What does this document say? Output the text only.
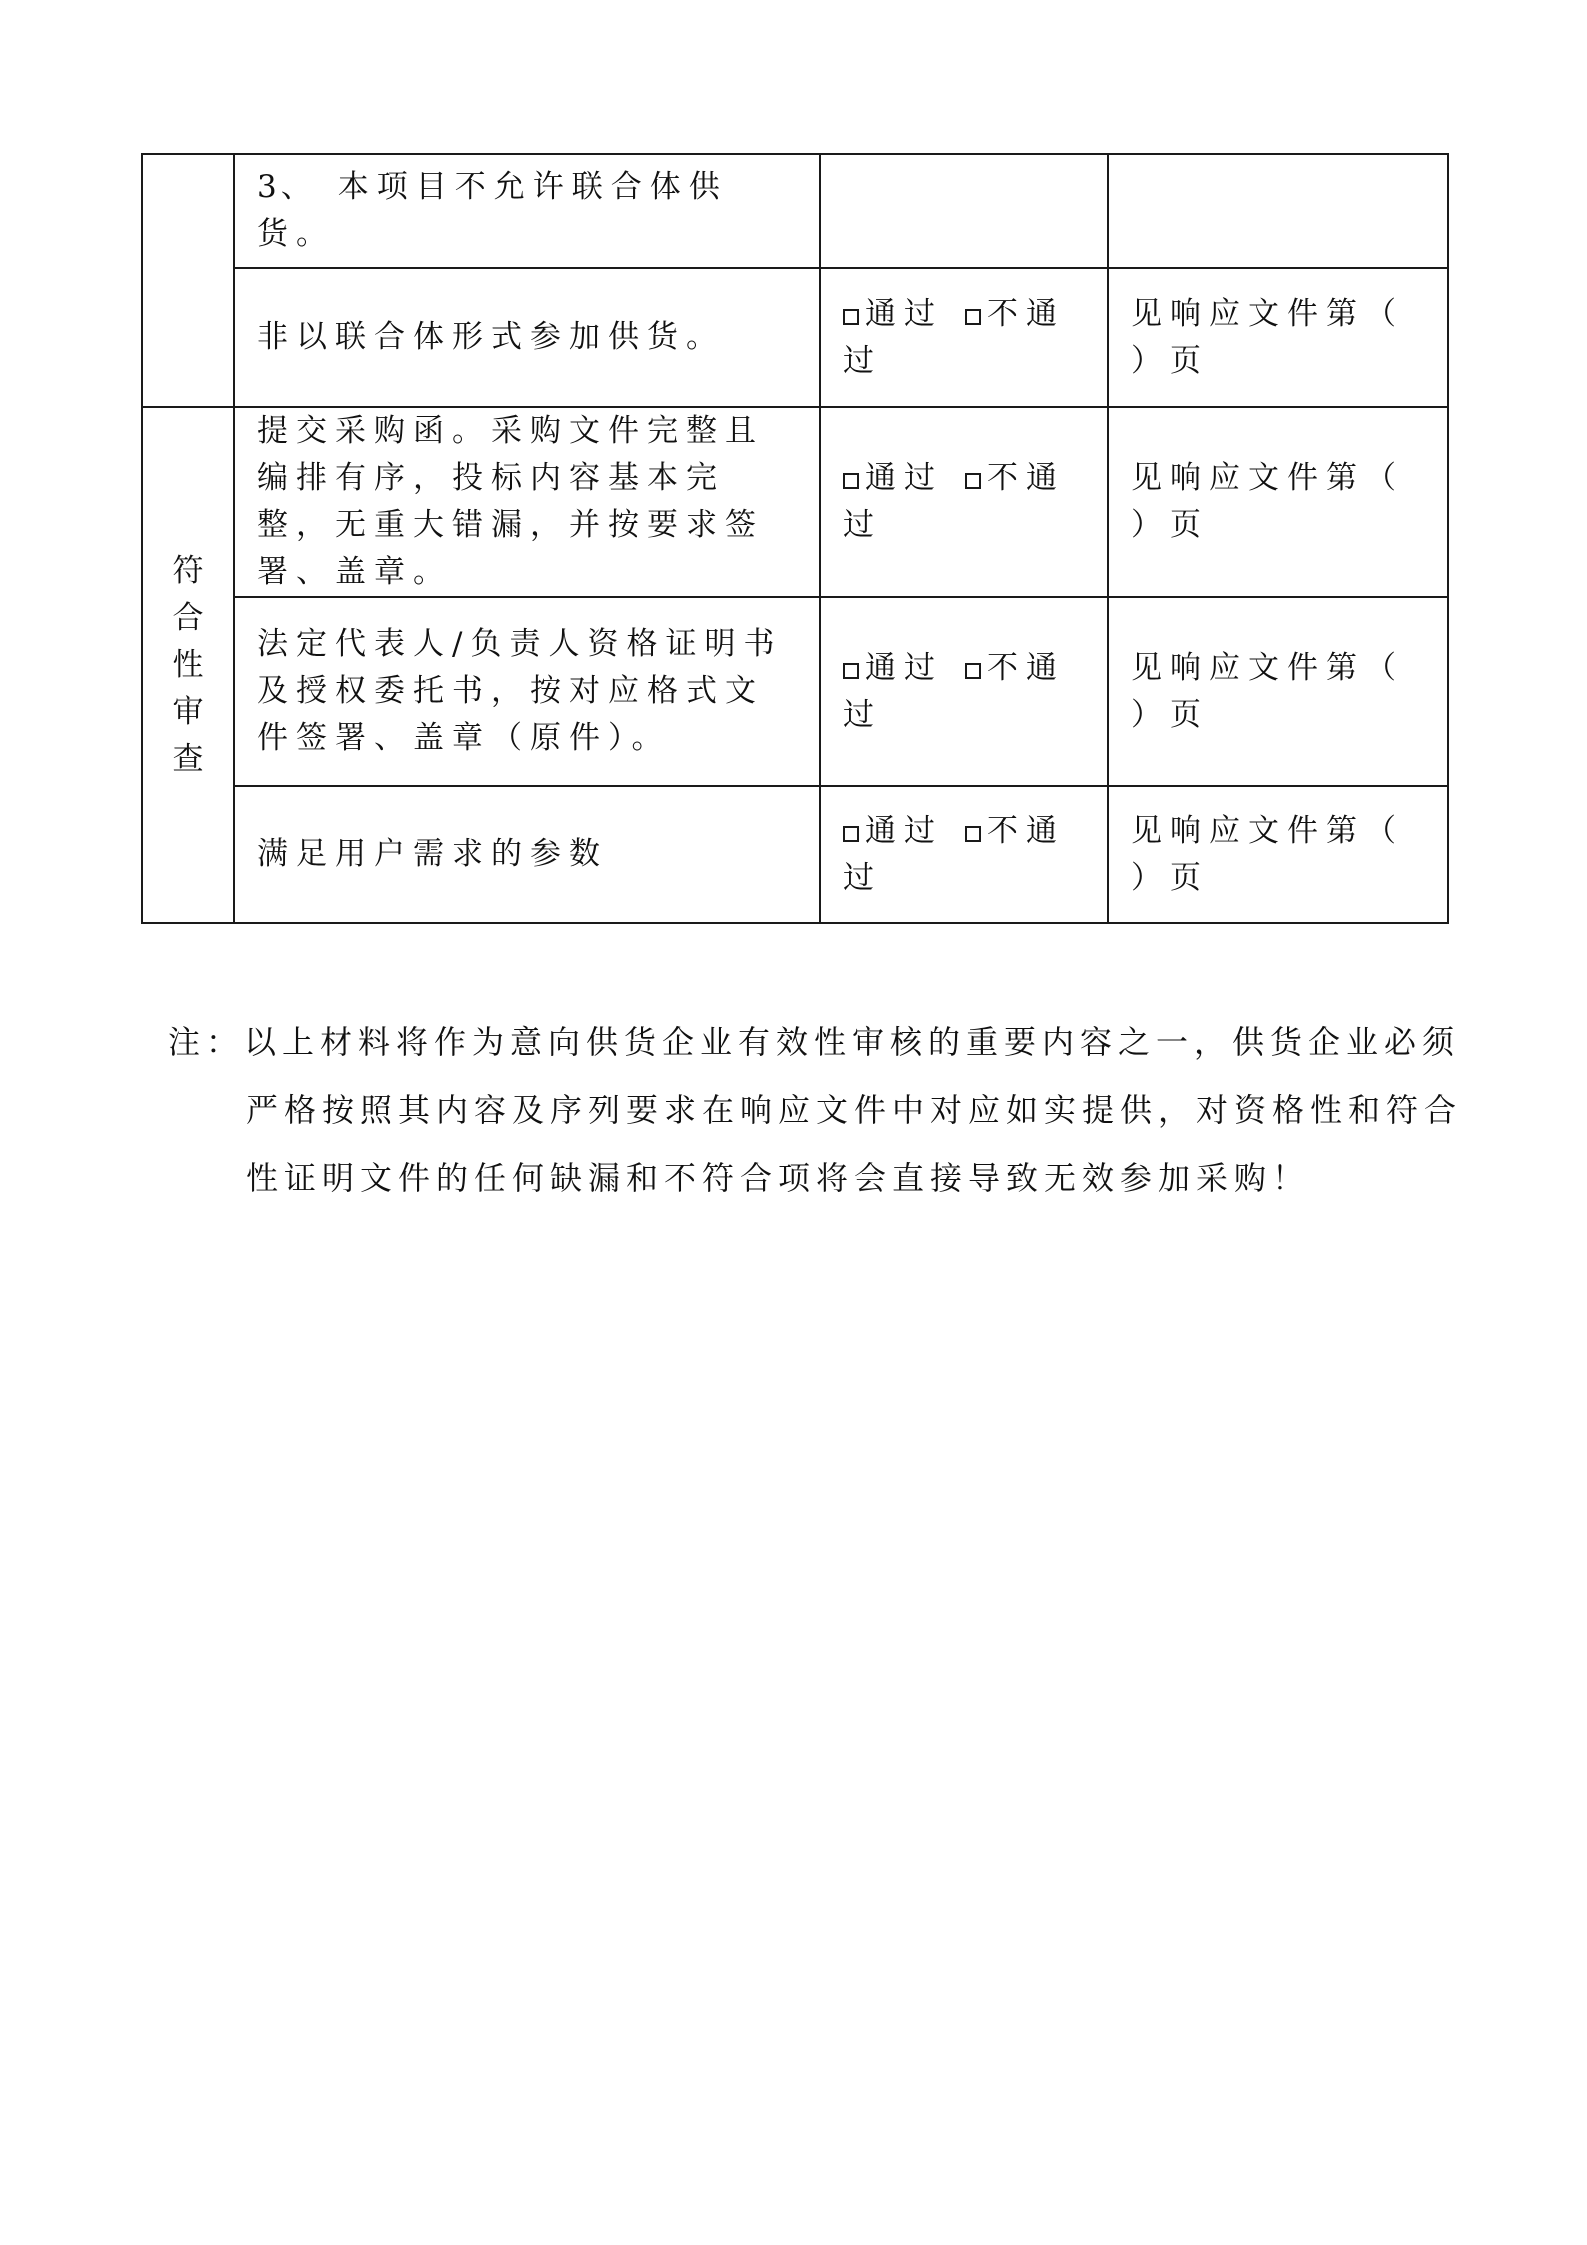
	3、 本项目不允许联合体供货。		
	非以联合体形式参加供货。	通过 不通过	见响应文件第（ ）页
符合性审查	提交采购函。采购文件完整且编排有序，投标内容基本完整，无重大错漏，并按要求签署、盖章。	通过 不通过	见响应文件第（ ）页
	法定代表人/负责人资格证明书及授权委托书，按对应格式文件签署、盖章（原件）。	通过 不通过	见响应文件第（ ）页
	满足用户需求的参数	通过 不通过	见响应文件第（ ）页
注：以上材料将作为意向供货企业有效性审核的重要内容之一，供货企业必须
严格按照其内容及序列要求在响应文件中对应如实提供，对资格性和符合
性证明文件的任何缺漏和不符合项将会直接导致无效参加采购！
